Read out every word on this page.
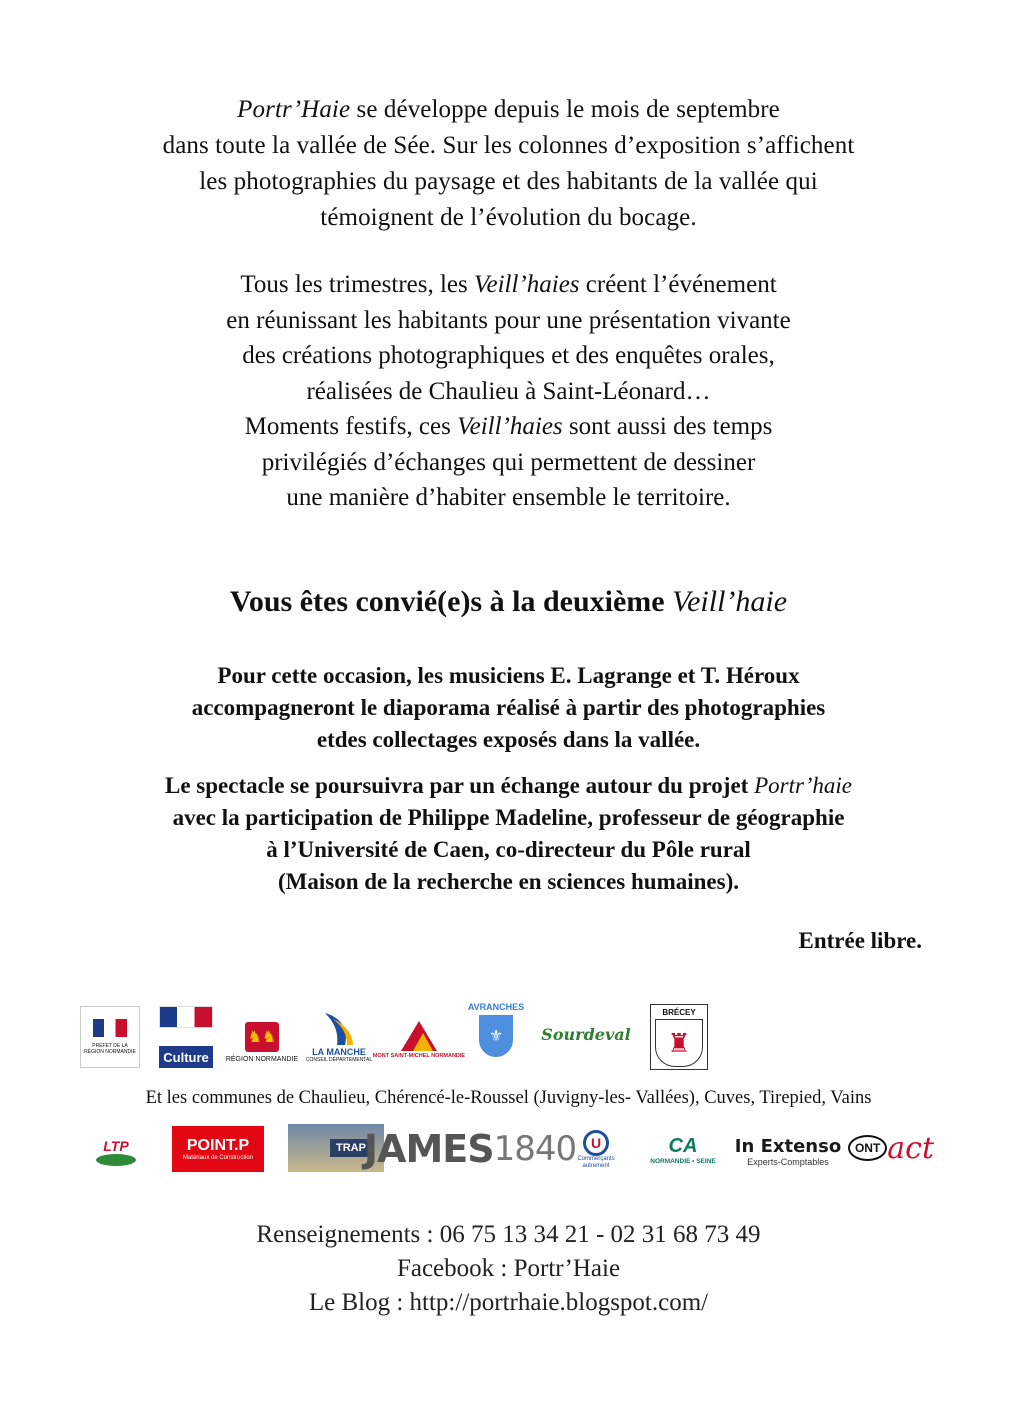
Portr’Haie se développe depuis le mois de septembre
dans toute la vallée de Sée. Sur les colonnes d’exposition s’affichent
les photographies du paysage et des habitants de la vallée qui
témoignent de l’évolution du bocage.
Tous les trimestres, les Veill’haies créent l’événement
en réunissant les habitants pour une présentation vivante
des créations photographiques et des enquêtes orales,
réalisées de Chaulieu à Saint-Léonard…
Moments festifs, ces Veill’haies sont aussi des temps
privilégiés d’échanges qui permettent de dessiner
une manière d’habiter ensemble le territoire.
Vous êtes convié(e)s à la deuxième Veill’haie
Pour cette occasion, les musiciens E. Lagrange et T. Héroux
accompagneront le diaporama réalisé à partir des photographies
etdes collectages exposés dans la vallée.
Le spectacle se poursuivra par un échange autour du projet Portr’haie
avec la participation de Philippe Madeline, professeur de géographie
à l’Université de Caen, co-directeur du Pôle rural
(Maison de la recherche en sciences humaines).
Entrée libre.
PRÉFET DE LA RÉGION NORMANDIE	Culture
♞♞
RÉGION NORMANDIE
LA MANCHE
CONSEIL DÉPARTEMENTAL
MONT SAINT-MICHEL NORMANDIE
AVRANCHES
⚜	Sourdeval
BRÉCEY
♜
Et les communes de Chaulieu, Chérencé-le-Roussel (Juvigny-les- Vallées), Cuves, Tirepied, Vains
LTP	POINT.P
Matériaux de Construction
TRAP
JAMES 1840	U
Commerçants autrement
CA
NORMANDIE • SEINE
In Extenso
Experts-Comptables
ONT act
Renseignements : 06 75 13 34 21 - 02 31 68 73 49
Facebook : Portr’Haie
Le Blog : http://portrhaie.blogspot.com/
